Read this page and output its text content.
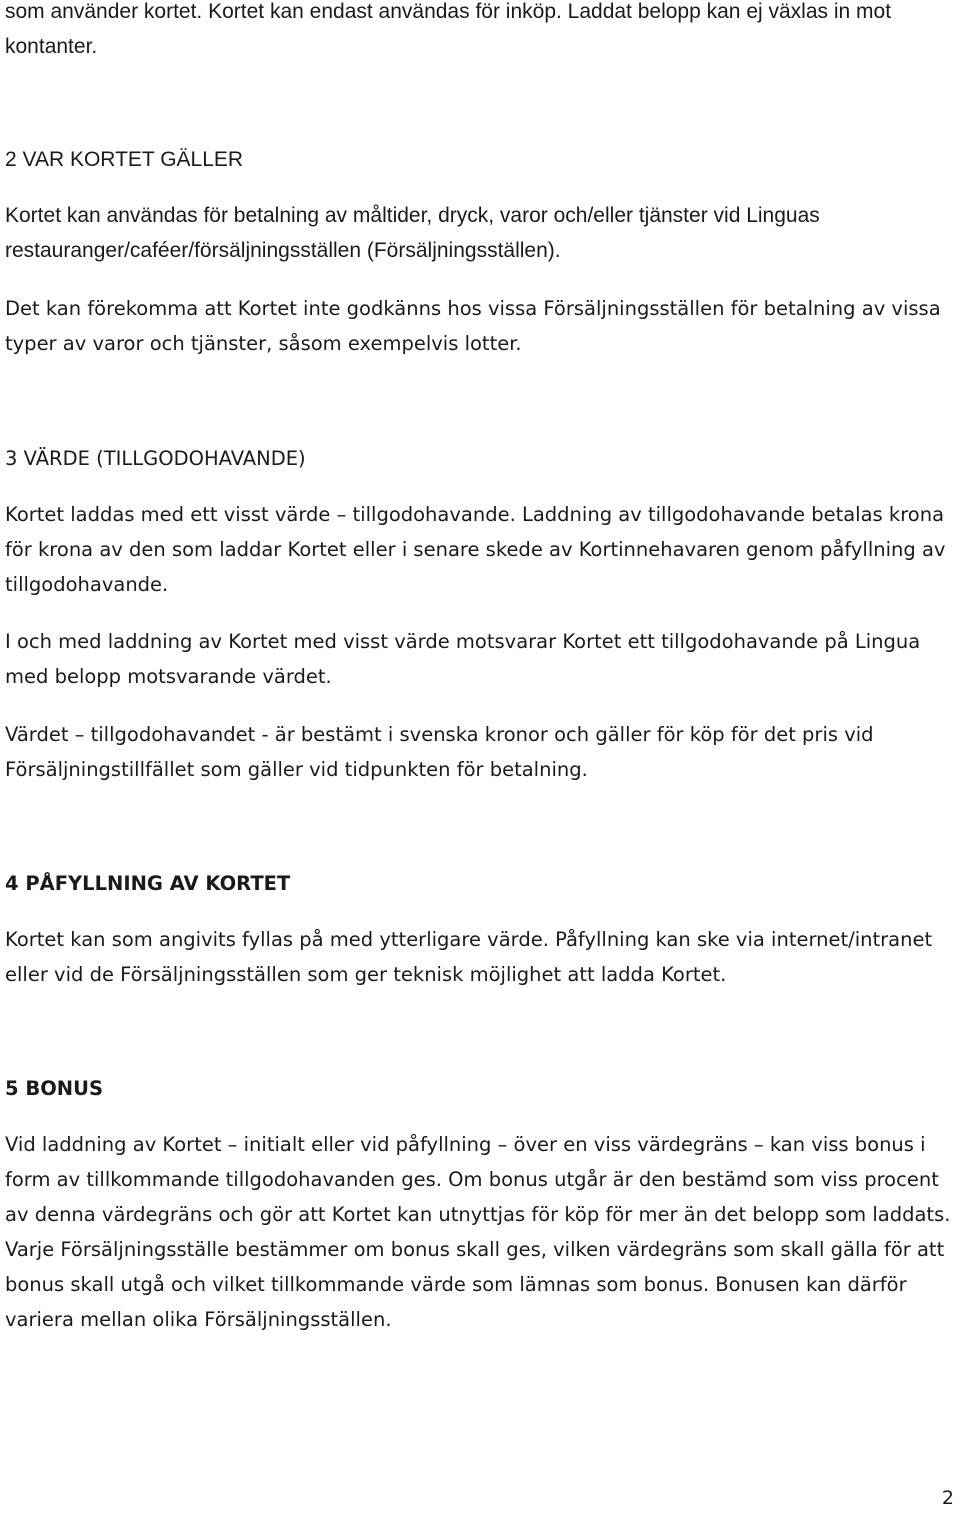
som använder kortet. Kortet kan endast användas för inköp. Laddat belopp kan ej växlas in mot kontanter.

2 VAR KORTET GÄLLER

Kortet kan användas för betalning av måltider, dryck, varor och/eller tjänster vid Linguas restauranger/caféer/försäljningsställen (Försäljningsställen).

Det kan förekomma att Kortet inte godkänns hos vissa Försäljningsställen för betalning av vissa typer av varor och tjänster, såsom exempelvis lotter.

3 VÄRDE (TILLGODOHAVANDE)

Kortet laddas med ett visst värde – tillgodohavande. Laddning av tillgodohavande betalas krona för krona av den som laddar Kortet eller i senare skede av Kortinnehavaren genom påfyllning av tillgodohavande.

I och med laddning av Kortet med visst värde motsvarar Kortet ett tillgodohavande på Lingua med belopp motsvarande värdet.

Värdet – tillgodohavandet - är bestämt i svenska kronor och gäller för köp för det pris vid Försäljningstillfället som gäller vid tidpunkten för betalning.

4 PÅFYLLNING AV KORTET

Kortet kan som angivits fyllas på med ytterligare värde. Påfyllning kan ske via internet/intranet eller vid de Försäljningsställen som ger teknisk möjlighet att ladda Kortet.

5 BONUS

Vid laddning av Kortet – initialt eller vid påfyllning – över en viss värdegräns – kan viss bonus i form av tillkommande tillgodohavanden ges. Om bonus utgår är den bestämd som viss procent av denna värdegräns och gör att Kortet kan utnyttjas för köp för mer än det belopp som laddats. Varje Försäljningsställe bestämmer om bonus skall ges, vilken värdegräns som skall gälla för att bonus skall utgå och vilket tillkommande värde som lämnas som bonus. Bonusen kan därför variera mellan olika Försäljningsställen.

2
